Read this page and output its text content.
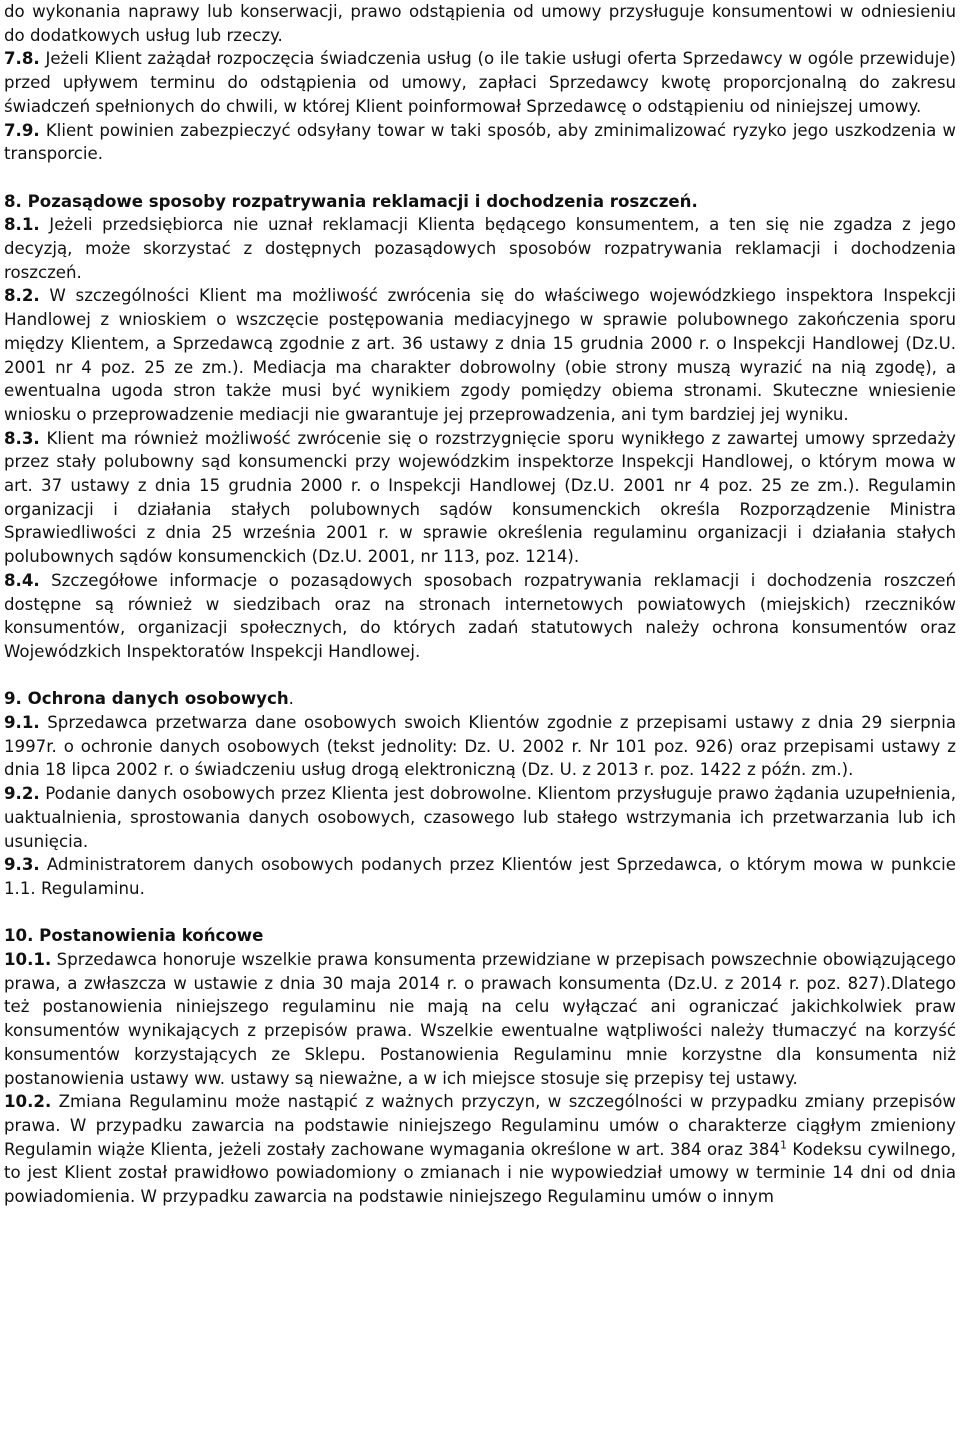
do wykonania naprawy lub konserwacji, prawo odstąpienia od umowy przysługuje konsumentowi w odniesieniu do dodatkowych usług lub rzeczy.

7.8. Jeżeli Klient zażądał rozpoczęcia świadczenia usług (o ile takie usługi oferta Sprzedawcy w ogóle przewiduje) przed upływem terminu do odstąpienia od umowy, zapłaci Sprzedawcy kwotę proporcjonalną do zakresu świadczeń spełnionych do chwili, w której Klient poinformował Sprzedawcę o odstąpieniu od niniejszej umowy.

7.9. Klient powinien zabezpieczyć odsyłany towar w taki sposób, aby zminimalizować ryzyko jego uszkodzenia w transporcie.

8. Pozasądowe sposoby rozpatrywania reklamacji i dochodzenia roszczeń.

8.1. Jeżeli przedsiębiorca nie uznał reklamacji Klienta będącego konsumentem, a ten się nie zgadza z jego decyzją, może skorzystać z dostępnych pozasądowych sposobów rozpatrywania reklamacji i dochodzenia roszczeń.

8.2. W szczególności Klient ma możliwość zwrócenia się do właściwego wojewódzkiego inspektora Inspekcji Handlowej z wnioskiem o wszczęcie postępowania mediacyjnego w sprawie polubownego zakończenia sporu między Klientem, a Sprzedawcą zgodnie z art. 36 ustawy z dnia 15 grudnia 2000 r. o Inspekcji Handlowej (Dz.U. 2001 nr 4 poz. 25 ze zm.). Mediacja ma charakter dobrowolny (obie strony muszą wyrazić na nią zgodę), a ewentualna ugoda stron także musi być wynikiem zgody pomiędzy obiema stronami. Skuteczne wniesienie wniosku o przeprowadzenie mediacji nie gwarantuje jej przeprowadzenia, ani tym bardziej jej wyniku.

8.3. Klient ma również możliwość zwrócenie się o rozstrzygnięcie sporu wynikłego z zawartej umowy sprzedaży przez stały polubowny sąd konsumencki przy wojewódzkim inspektorze Inspekcji Handlowej, o którym mowa w art. 37 ustawy z dnia 15 grudnia 2000 r. o Inspekcji Handlowej (Dz.U. 2001 nr 4 poz. 25 ze zm.). Regulamin organizacji i działania stałych polubownych sądów konsumenckich określa Rozporządzenie Ministra Sprawiedliwości z dnia 25 września 2001 r. w sprawie określenia regulaminu organizacji i działania stałych polubownych sądów konsumenckich (Dz.U. 2001, nr 113, poz. 1214).

8.4. Szczegółowe informacje o pozasądowych sposobach rozpatrywania reklamacji i dochodzenia roszczeń dostępne są również w siedzibach oraz na stronach internetowych powiatowych (miejskich) rzeczników konsumentów, organizacji społecznych, do których zadań statutowych należy ochrona konsumentów oraz Wojewódzkich Inspektoratów Inspekcji Handlowej.

9. Ochrona danych osobowych.

9.1. Sprzedawca przetwarza dane osobowych swoich Klientów zgodnie z przepisami ustawy z dnia 29 sierpnia 1997r. o ochronie danych osobowych (tekst jednolity: Dz. U. 2002 r. Nr 101 poz. 926) oraz przepisami ustawy z dnia 18 lipca 2002 r. o świadczeniu usług drogą elektroniczną (Dz. U. z 2013 r. poz. 1422 z późn. zm.).

9.2. Podanie danych osobowych przez Klienta jest dobrowolne. Klientom przysługuje prawo żądania uzupełnienia, uaktualnienia, sprostowania danych osobowych, czasowego lub stałego wstrzymania ich przetwarzania lub ich usunięcia.

9.3. Administratorem danych osobowych podanych przez Klientów jest Sprzedawca, o którym mowa w punkcie 1.1. Regulaminu.

10. Postanowienia końcowe

10.1. Sprzedawca honoruje wszelkie prawa konsumenta przewidziane w przepisach powszechnie obowiązującego prawa, a zwłaszcza w ustawie z dnia 30 maja 2014 r. o prawach konsumenta (Dz.U. z 2014 r. poz. 827).Dlatego też postanowienia niniejszego regulaminu nie mają na celu wyłączać ani ograniczać jakichkolwiek praw konsumentów wynikających z przepisów prawa. Wszelkie ewentualne wątpliwości należy tłumaczyć na korzyść konsumentów korzystających ze Sklepu. Postanowienia Regulaminu mnie korzystne dla konsumenta niż postanowienia ustawy ww. ustawy są nieważne, a w ich miejsce stosuje się przepisy tej ustawy.

10.2. Zmiana Regulaminu może nastąpić z ważnych przyczyn, w szczególności w przypadku zmiany przepisów prawa. W przypadku zawarcia na podstawie niniejszego Regulaminu umów o charakterze ciągłym zmieniony Regulamin wiąże Klienta, jeżeli zostały zachowane wymagania określone w art. 384 oraz 384$^1$ Kodeksu cywilnego, to jest Klient został prawidłowo powiadomiony o zmianach i nie wypowiedział umowy w terminie 14 dni od dnia powiadomienia. W przypadku zawarcia na podstawie niniejszego Regulaminu umów o innym
